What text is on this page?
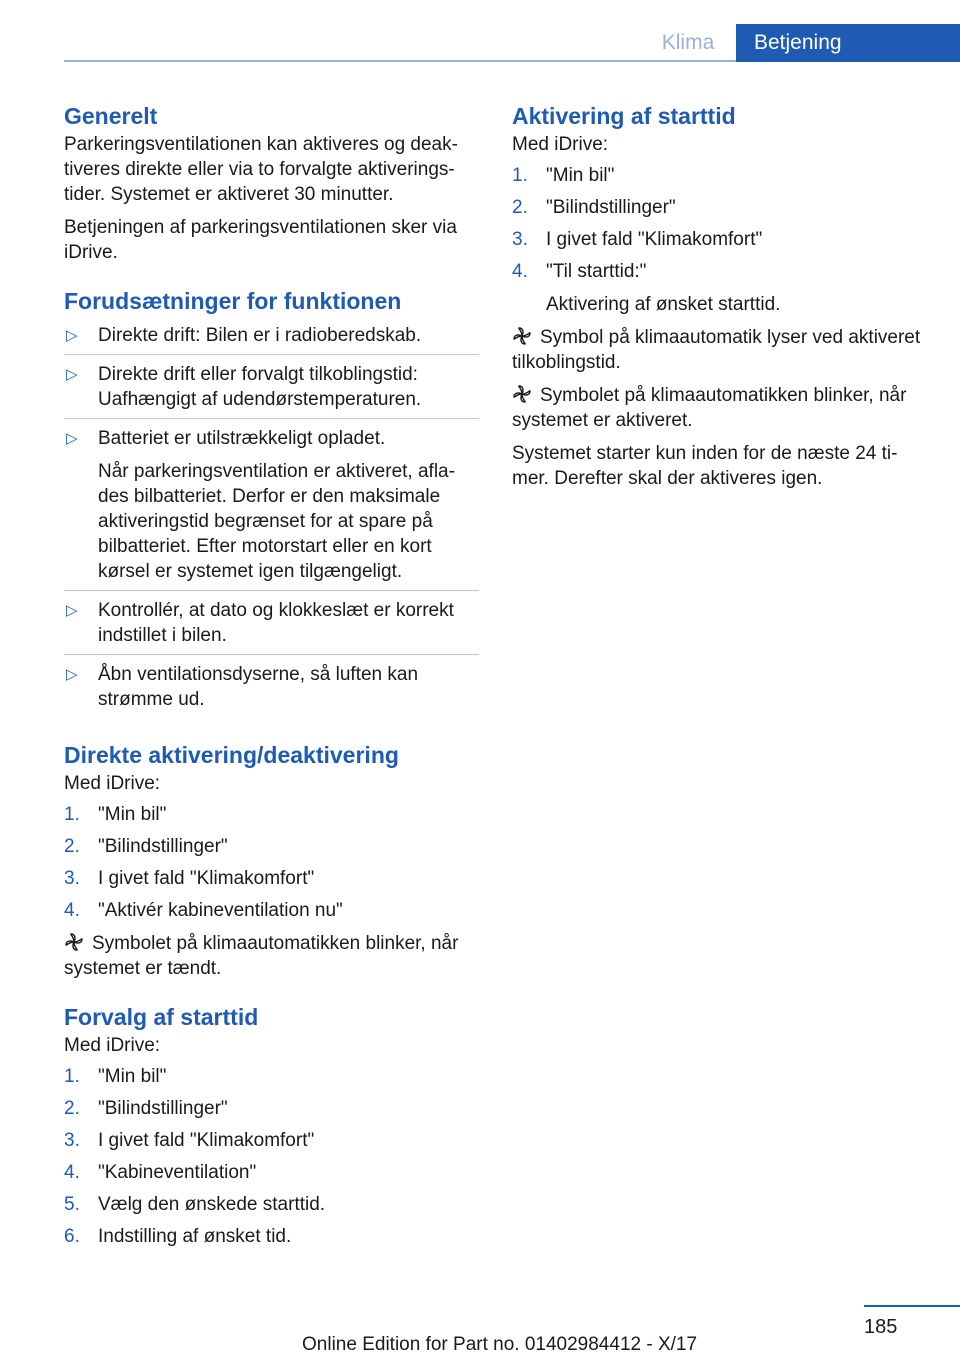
Klima	Betjening
Generelt

Parkeringsventilationen kan aktiveres og deaktiveres direkte eller via to forvalgte aktiveringstider. Systemet er aktiveret 30 minutter.

Betjeningen af parkeringsventilationen sker via iDrive.

Forudsætninger for funktionen
▷ Direkte drift: Bilen er i radioberedskab.
▷ Direkte drift eller forvalgt tilkoblingstid: Uafhængigt af udendørstemperaturen.
▷ Batteriet er utilstrækkeligt opladet.
Når parkeringsventilation er aktiveret, aflades bilbatteriet. Derfor er den maksimale aktiveringstid begrænset for at spare på bilbatteriet. Efter motorstart eller en kort kørsel er systemet igen tilgængeligt.
▷ Kontrollér, at dato og klokkeslæt er korrekt indstillet i bilen.
▷ Åbn ventilationsdyserne, så luften kan strømme ud.
Direkte aktivering/deaktivering

Med iDrive:

1. "Min bil"
2. "Bilindstillinger"
3. I givet fald "Klimakomfort"
4. "Aktivér kabineventilation nu"

Symbolet på klimaautomatikken blinker, når systemet er tændt.

Forvalg af starttid

Med iDrive:

1. "Min bil"
2. "Bilindstillinger"
3. I givet fald "Klimakomfort"
4. "Kabineventilation"
5. Vælg den ønskede starttid.
6. Indstilling af ønsket tid.
Aktivering af starttid

Med iDrive:

1. "Min bil"
2. "Bilindstillinger"
3. I givet fald "Klimakomfort"
4. "Til starttid:"
Aktivering af ønsket starttid.

Symbol på klimaautomatik lyser ved aktiveret tilkoblingstid.

Symbolet på klimaautomatikken blinker, når systemet er aktiveret.

Systemet starter kun inden for de næste 24 timer. Derefter skal der aktiveres igen.

185
Online Edition for Part no. 01402984412 - X/17
